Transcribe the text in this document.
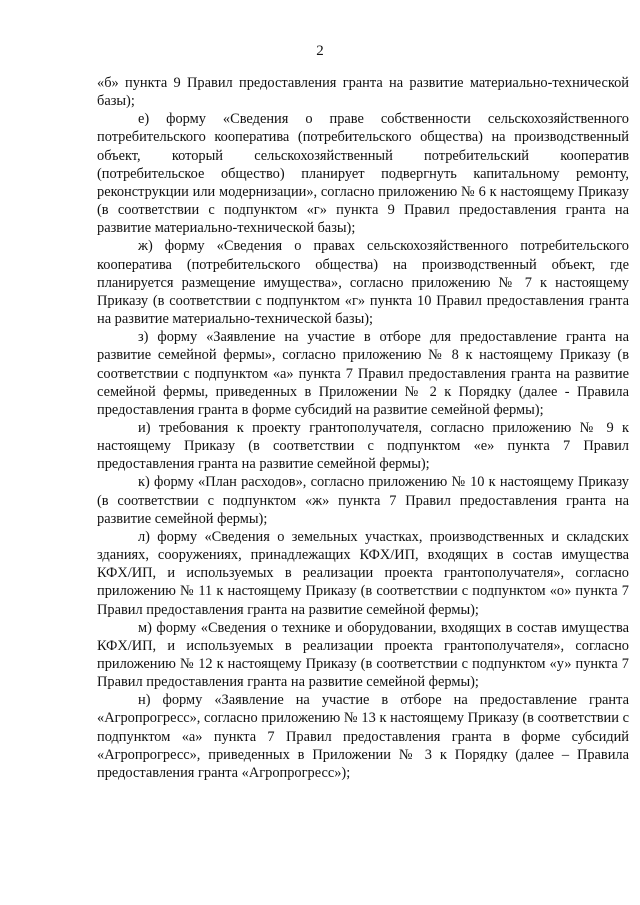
2

«б» пункта 9 Правил предоставления гранта на развитие материально-технической базы);

е) форму «Сведения о праве собственности сельскохозяйственного потребительского кооператива (потребительского общества) на производственный объект, который сельскохозяйственный потребительский кооператив (потребительское общество) планирует подвергнуть капитальному ремонту, реконструкции или модернизации», согласно приложению № 6 к настоящему Приказу (в соответствии с подпунктом «г» пункта 9 Правил предоставления гранта на развитие материально-технической базы);

ж) форму «Сведения о правах сельскохозяйственного потребительского кооператива (потребительского общества) на производственный объект, где планируется размещение имущества», согласно приложению № 7 к настоящему Приказу (в соответствии с подпунктом «г» пункта 10 Правил предоставления гранта на развитие материально-технической базы);

з) форму «Заявление на участие в отборе для предоставление гранта на развитие семейной фермы», согласно приложению № 8 к настоящему Приказу (в соответствии с подпунктом «а» пункта 7 Правил предоставления гранта на развитие семейной фермы, приведенных в Приложении № 2 к Порядку (далее - Правила предоставления гранта в форме субсидий на развитие семейной фермы);

и) требования к проекту грантополучателя, согласно приложению № 9 к настоящему Приказу (в соответствии с подпунктом «е» пункта 7 Правил предоставления гранта на развитие семейной фермы);

к) форму «План расходов», согласно приложению № 10 к настоящему Приказу (в соответствии с подпунктом «ж» пункта 7 Правил предоставления гранта на развитие семейной фермы);

л) форму «Сведения о земельных участках, производственных и складских зданиях, сооружениях, принадлежащих КФХ/ИП, входящих в состав имущества КФХ/ИП, и используемых в реализации проекта грантополучателя», согласно приложению № 11 к настоящему Приказу (в соответствии с подпунктом «о» пункта 7 Правил предоставления гранта на развитие семейной фермы);

м) форму «Сведения о технике и оборудовании, входящих в состав имущества КФХ/ИП, и используемых в реализации проекта грантополучателя», согласно приложению № 12 к настоящему Приказу (в соответствии с подпунктом «у» пункта 7 Правил предоставления гранта на развитие семейной фермы);

н) форму «Заявление на участие в отборе на предоставление гранта «Агропрогресс», согласно приложению № 13 к настоящему Приказу (в соответствии с подпунктом «а» пункта 7 Правил предоставления гранта в форме субсидий «Агропрогресс», приведенных в Приложении № 3 к Порядку (далее – Правила предоставления гранта «Агропрогресс»);
